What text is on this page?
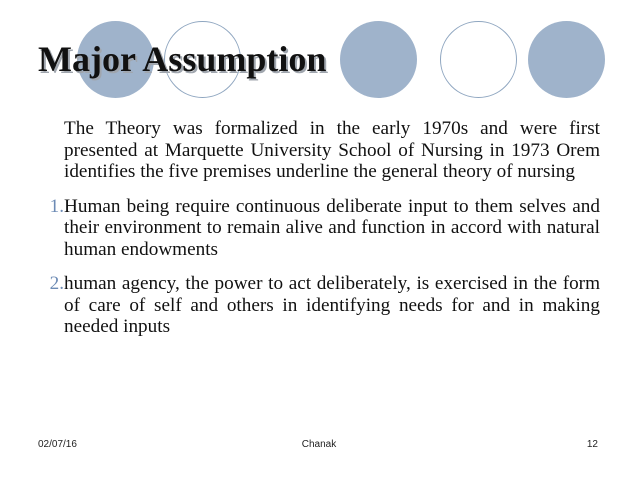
Major Assumption

The Theory was formalized in the early 1970s and were first presented at Marquette University School of Nursing in 1973 Orem identifies the five premises underline the general theory of nursing

1. Human being require continuous deliberate input to them selves and their environment to remain alive and function in accord with natural human endowments
2. human agency, the power to act deliberately, is exercised in the form of care of self and others in identifying needs for and in making needed inputs
02/07/16	Chanak	12
